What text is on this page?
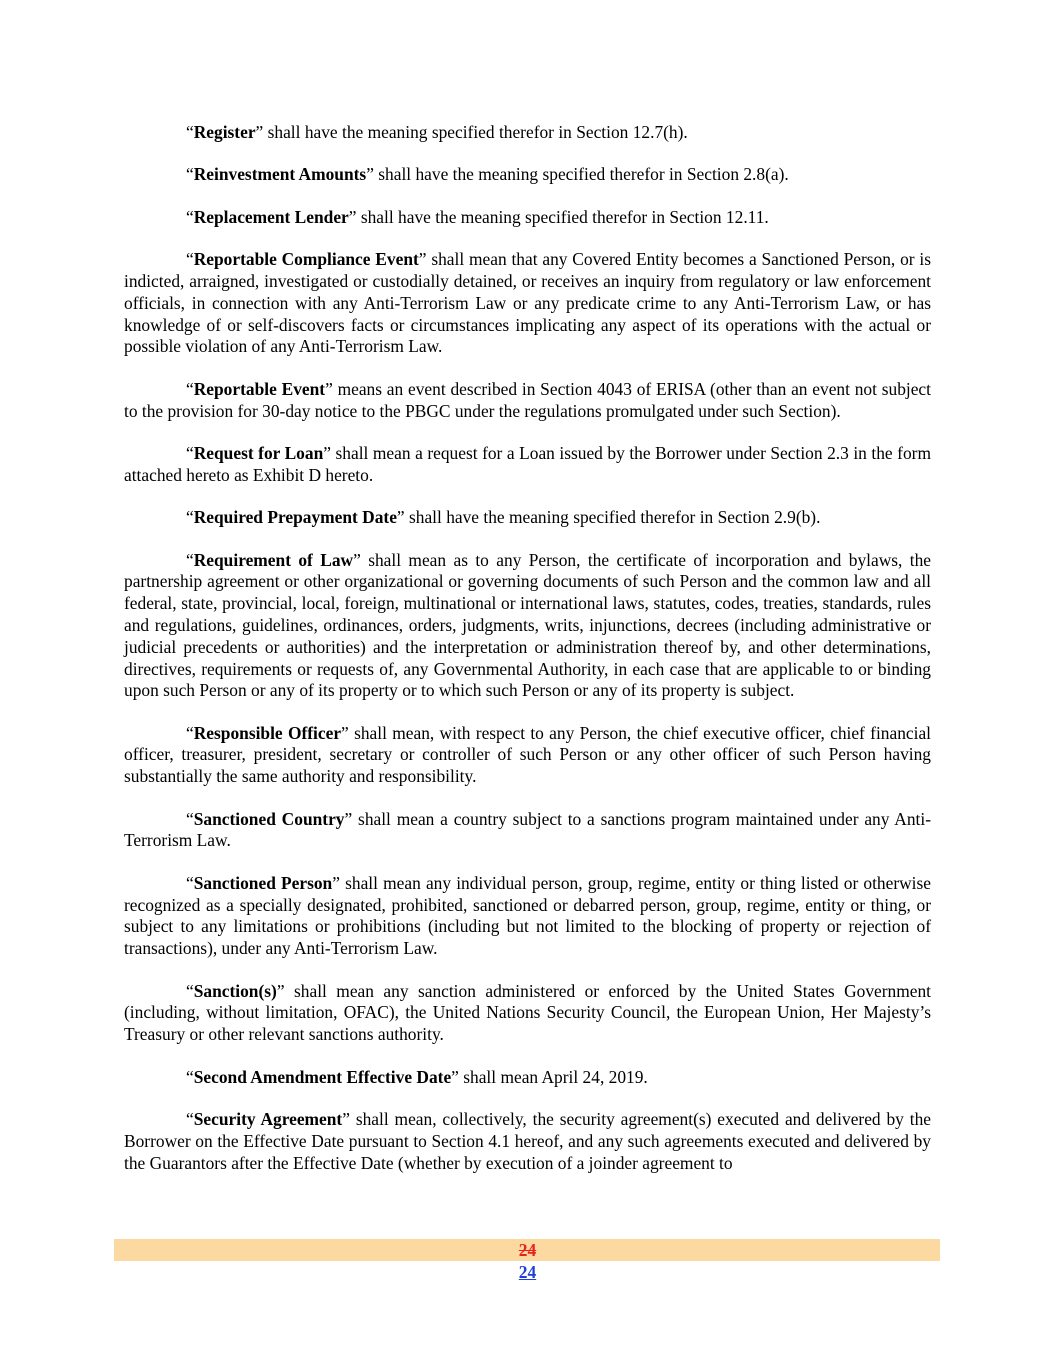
“Register” shall have the meaning specified therefor in Section 12.7(h).

“Reinvestment Amounts” shall have the meaning specified therefor in Section 2.8(a).

“Replacement Lender” shall have the meaning specified therefor in Section 12.11.

“Reportable Compliance Event” shall mean that any Covered Entity becomes a Sanctioned Person, or is indicted, arraigned, investigated or custodially detained, or receives an inquiry from regulatory or law enforcement officials, in connection with any Anti-Terrorism Law or any predicate crime to any Anti-Terrorism Law, or has knowledge of or self-discovers facts or circumstances implicating any aspect of its operations with the actual or possible violation of any Anti-Terrorism Law.

“Reportable Event” means an event described in Section 4043 of ERISA (other than an event not subject to the provision for 30-day notice to the PBGC under the regulations promulgated under such Section).

“Request for Loan” shall mean a request for a Loan issued by the Borrower under Section 2.3 in the form attached hereto as Exhibit D hereto.

“Required Prepayment Date” shall have the meaning specified therefor in Section 2.9(b).

“Requirement of Law” shall mean as to any Person, the certificate of incorporation and bylaws, the partnership agreement or other organizational or governing documents of such Person and the common law and all federal, state, provincial, local, foreign, multinational or international laws, statutes, codes, treaties, standards, rules and regulations, guidelines, ordinances, orders, judgments, writs, injunctions, decrees (including administrative or judicial precedents or authorities) and the interpretation or administration thereof by, and other determinations, directives, requirements or requests of, any Governmental Authority, in each case that are applicable to or binding upon such Person or any of its property or to which such Person or any of its property is subject.

“Responsible Officer” shall mean, with respect to any Person, the chief executive officer, chief financial officer, treasurer, president, secretary or controller of such Person or any other officer of such Person having substantially the same authority and responsibility.

“Sanctioned Country” shall mean a country subject to a sanctions program maintained under any Anti-Terrorism Law.

“Sanctioned Person” shall mean any individual person, group, regime, entity or thing listed or otherwise recognized as a specially designated, prohibited, sanctioned or debarred person, group, regime, entity or thing, or subject to any limitations or prohibitions (including but not limited to the blocking of property or rejection of transactions), under any Anti-Terrorism Law.

“Sanction(s)” shall mean any sanction administered or enforced by the United States Government (including, without limitation, OFAC), the United Nations Security Council, the European Union, Her Majesty’s Treasury or other relevant sanctions authority.

“Second Amendment Effective Date” shall mean April 24, 2019.

“Security Agreement” shall mean, collectively, the security agreement(s) executed and delivered by the Borrower on the Effective Date pursuant to Section 4.1 hereof, and any such agreements executed and delivered by the Guarantors after the Effective Date (whether by execution of a joinder agreement to

24
24
